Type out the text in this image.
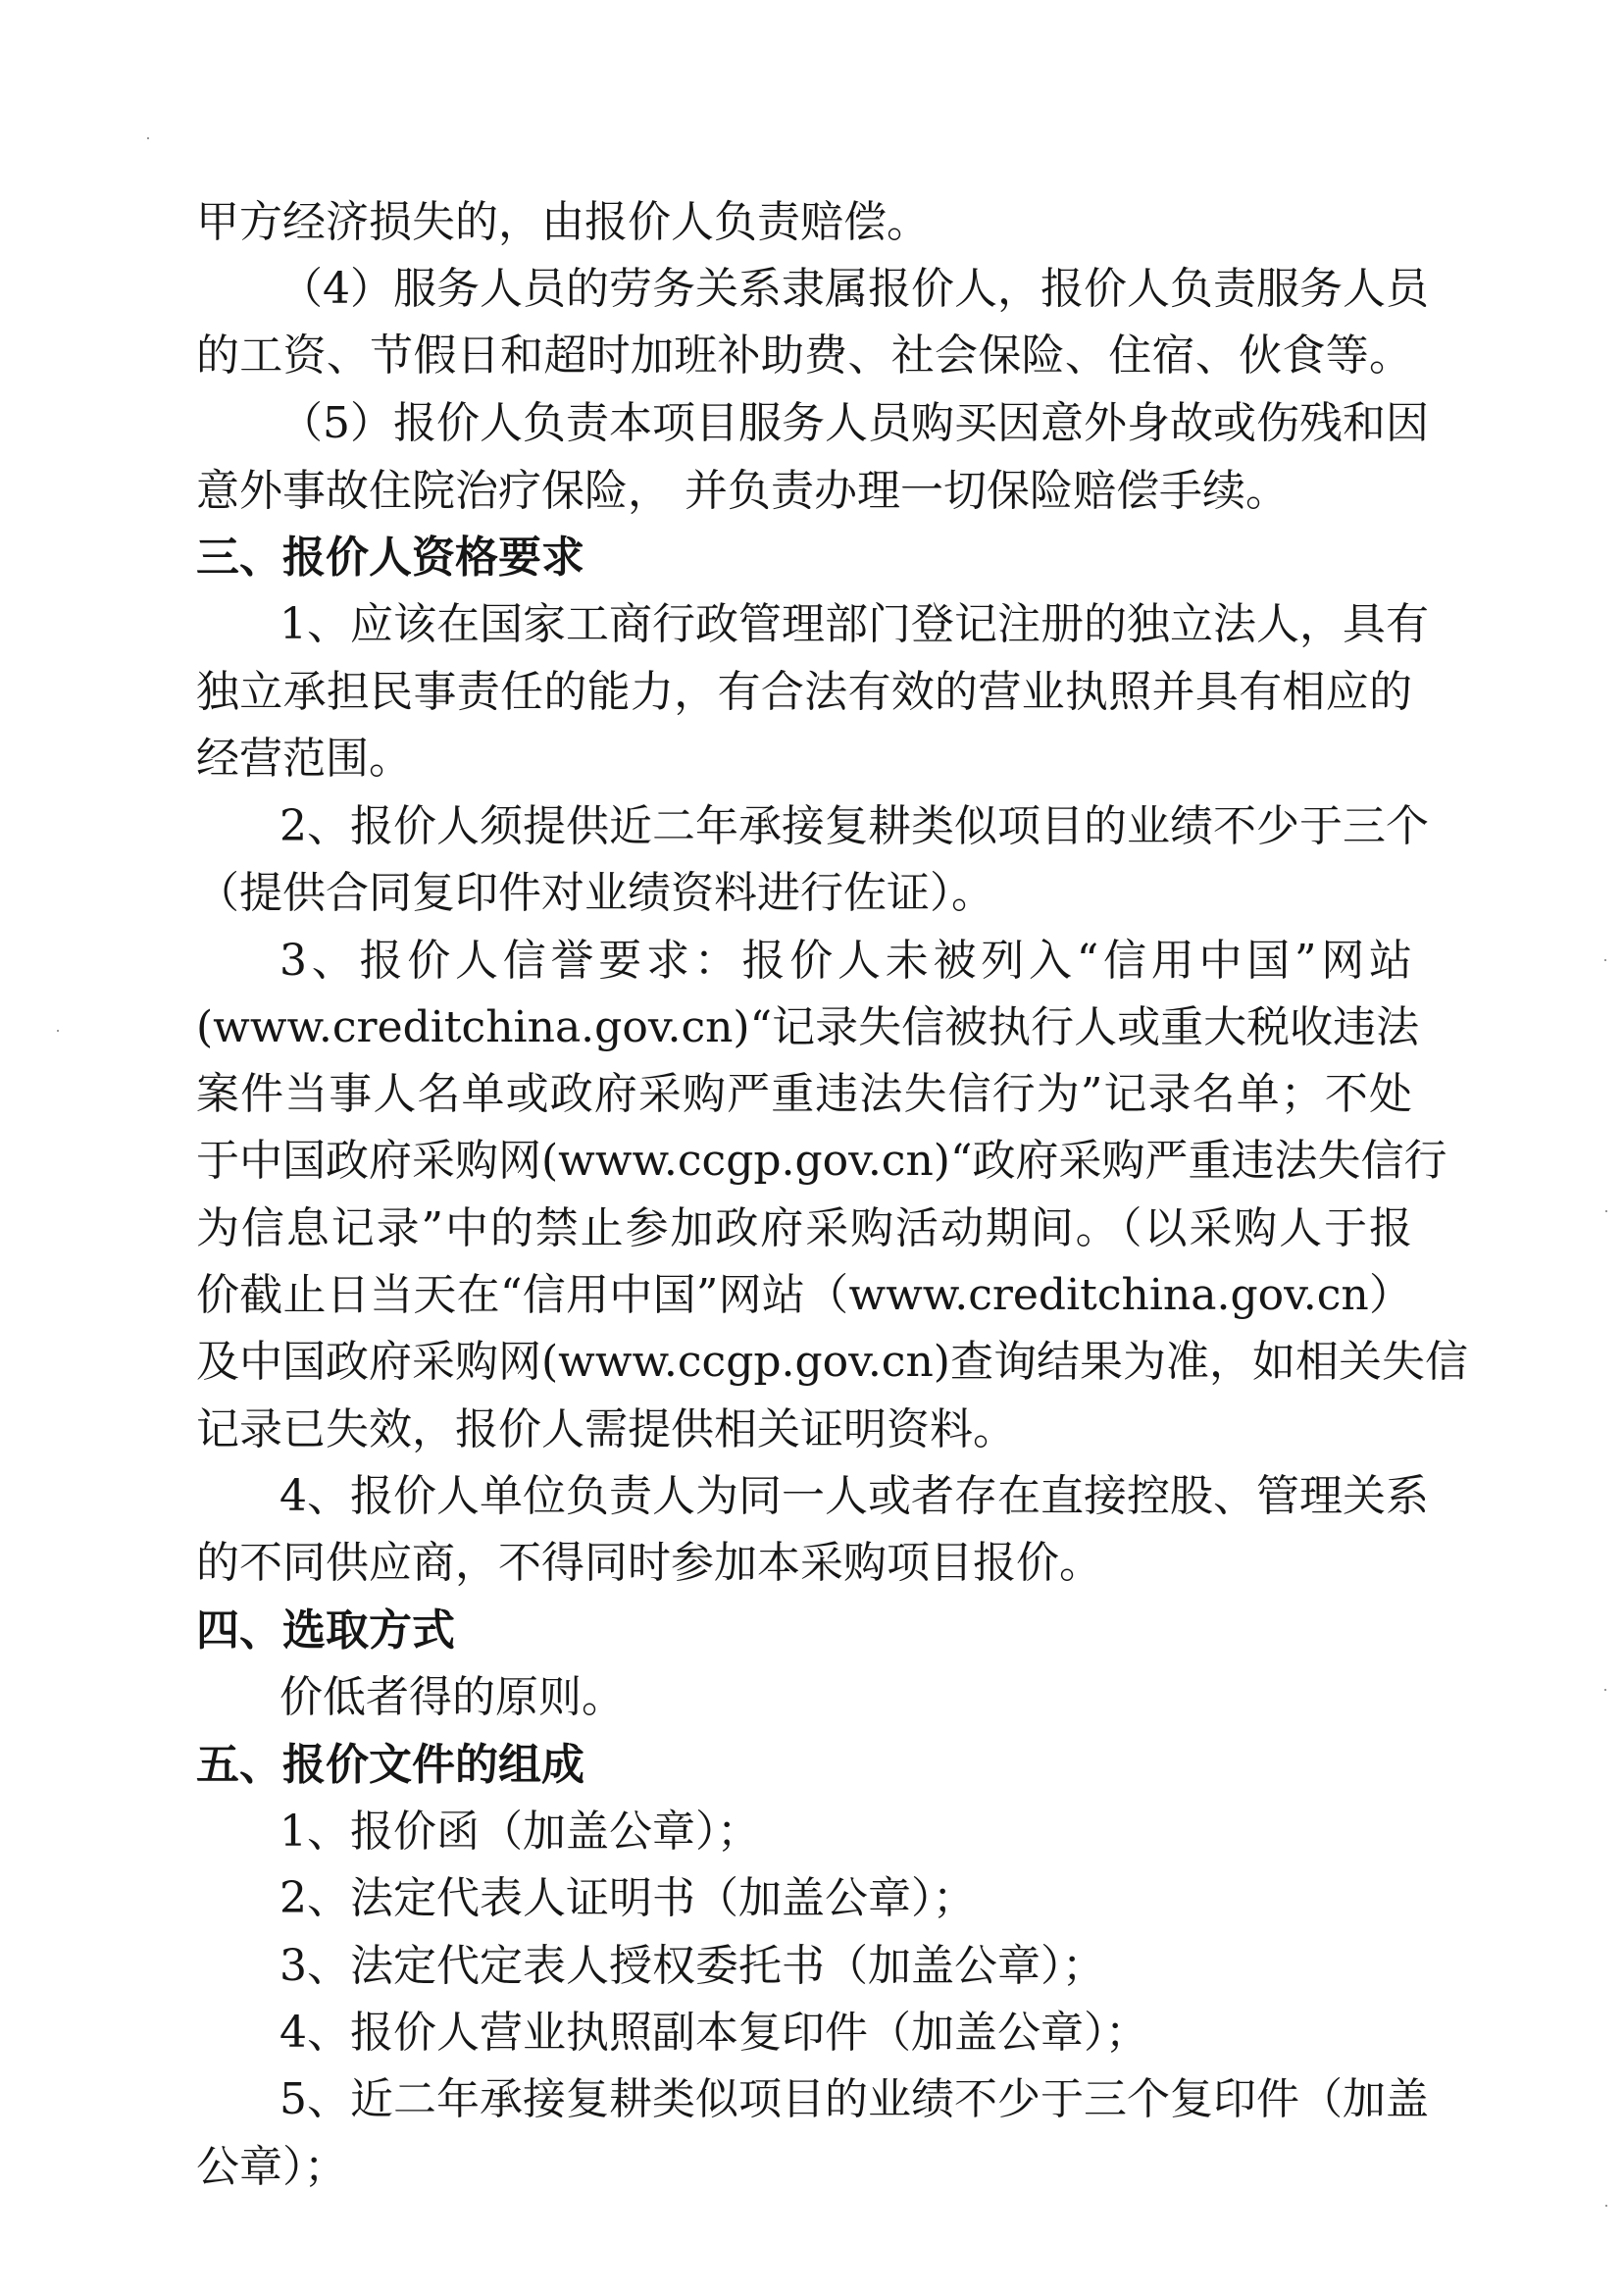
甲方经济损失的，由报价人负责赔偿。
（4）服务人员的劳务关系隶属报价人，报价人负责服务人员
的工资、节假日和超时加班补助费、社会保险、住宿、伙食等。
（5）报价人负责本项目服务人员购买因意外身故或伤残和因
意外事故住院治疗保险， 并负责办理一切保险赔偿手续。
三、报价人资格要求
1、应该在国家工商行政管理部门登记注册的独立法人，具有
独立承担民事责任的能力，有合法有效的营业执照并具有相应的
经营范围。
2、报价人须提供近二年承接复耕类似项目的业绩不少于三个
（提供合同复印件对业绩资料进行佐证）。
3、报价人信誉要求：报价人未被列入“信用中国”网站
(www.creditchina.gov.cn)“记录失信被执行人或重大税收违法
案件当事人名单或政府采购严重违法失信行为”记录名单；不处
于中国政府采购网(www.ccgp.gov.cn)“政府采购严重违法失信行
为信息记录”中的禁止参加政府采购活动期间。（以采购人于报
价截止日当天在“信用中国”网站（www.creditchina.gov.cn）
及中国政府采购网(www.ccgp.gov.cn)查询结果为准，如相关失信
记录已失效，报价人需提供相关证明资料。
4、报价人单位负责人为同一人或者存在直接控股、管理关系
的不同供应商，不得同时参加本采购项目报价。
四、选取方式
价低者得的原则。
五、报价文件的组成
1、报价函（加盖公章）；
2、法定代表人证明书（加盖公章）；
3、法定代定表人授权委托书（加盖公章）；
4、报价人营业执照副本复印件（加盖公章）；
5、近二年承接复耕类似项目的业绩不少于三个复印件（加盖
公章）；
